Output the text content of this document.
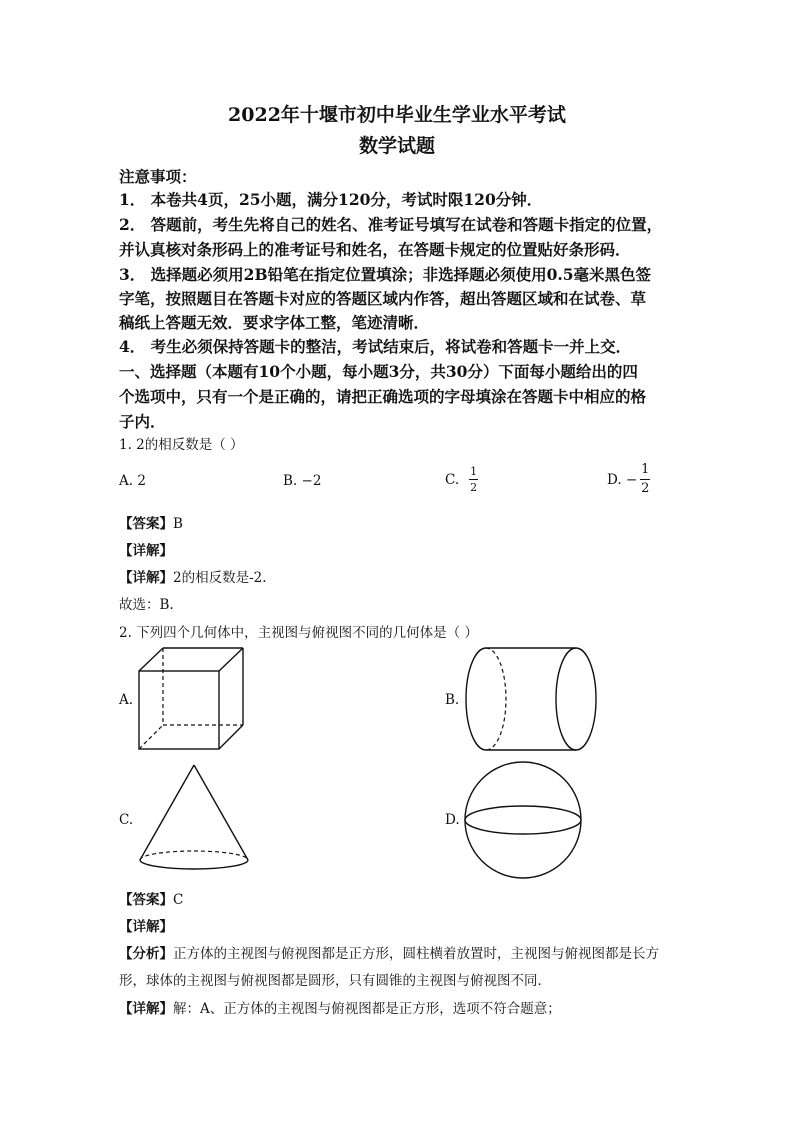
2022年十堰市初中毕业生学业水平考试
数学试题
注意事项：
1． 本卷共4页，25小题，满分120分，考试时限120分钟．
2． 答题前，考生先将自己的姓名、准考证号填写在试卷和答题卡指定的位置，
并认真核对条形码上的准考证号和姓名，在答题卡规定的位置贴好条形码．
3． 选择题必须用2B铅笔在指定位置填涂；非选择题必须使用0.5毫米黑色签
字笔，按照题目在答题卡对应的答题区域内作答，超出答题区域和在试卷、草
稿纸上答题无效．要求字体工整，笔迹清晰．
4． 考生必须保持答题卡的整洁，考试结束后，将试卷和答题卡一并上交．
一、选择题（本题有10个小题，每小题3分，共30分）下面每小题给出的四
个选项中，只有一个是正确的，请把正确选项的字母填涂在答题卡中相应的格
子内．
1. 2的相反数是（ ）
A. 2	B. −2	C. $\frac{1}{2}$	D. − $\frac{1}{2}$
【答案】B
【详解】
【详解】2的相反数是-2.
故选：B.
2. 下列四个几何体中，主视图与俯视图不同的几何体是（ ）
A.	B.
C.	D.
【答案】C
【详解】
【分析】正方体的主视图与俯视图都是正方形，圆柱横着放置时，主视图与俯视图都是长方
形，球体的主视图与俯视图都是圆形，只有圆锥的主视图与俯视图不同．
【详解】解：A、正方体的主视图与俯视图都是正方形，选项不符合题意；
